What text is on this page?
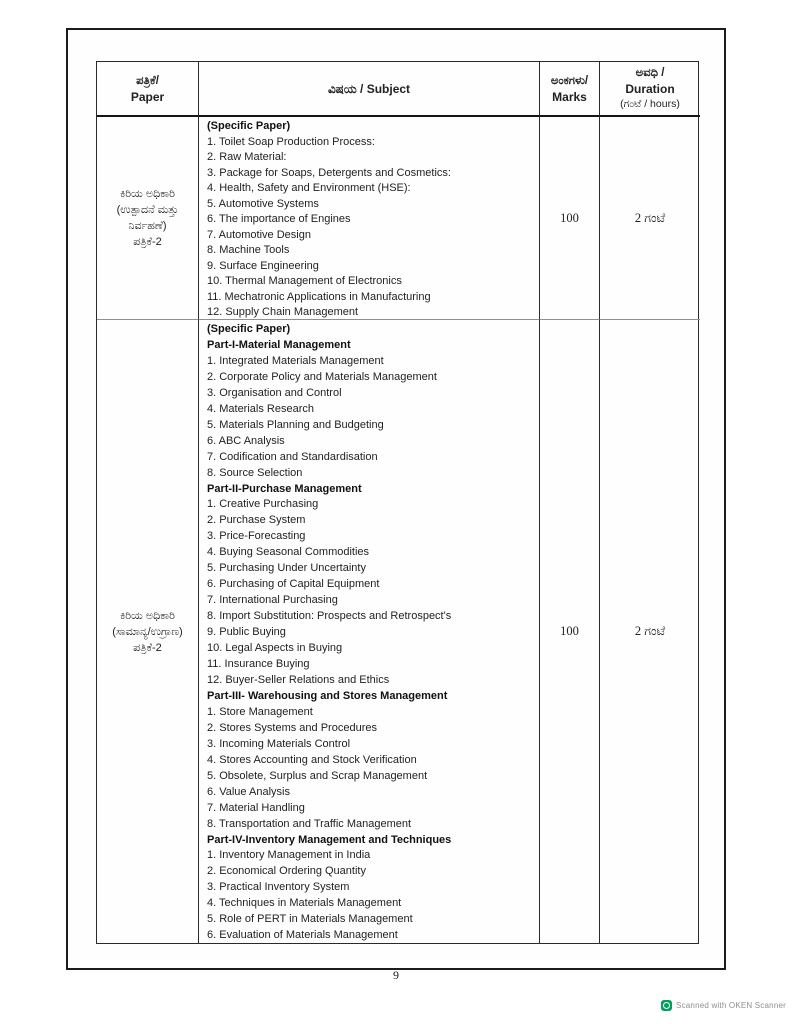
ಪತ್ರಿಕೆ/
Paper
ವಿಷಯ / Subject
ಅಂಕಗಳು/
Marks
ಅವಧಿ /
Duration
(ಗಂಟೆ / hours)
ಕಿರಿಯ ಅಧಿಕಾರಿ
(ಉತ್ಪಾದನೆ ಮತ್ತು
ನಿರ್ವಹಣೆ)
ಪತ್ರಿಕೆ-2
(Specific Paper)
1. Toilet Soap Production Process:
2. Raw Material:
3. Package for Soaps, Detergents and Cosmetics:
4. Health, Safety and Environment (HSE):
5. Automotive Systems
6. The importance of Engines
7. Automotive Design
8. Machine Tools
9. Surface Engineering
10. Thermal Management of Electronics
11. Mechatronic Applications in Manufacturing
12. Supply Chain Management
100	2 ಗಂಟೆ
ಕಿರಿಯ ಅಧಿಕಾರಿ
(ಸಾಮಾನ್ಯ/ಉಗ್ರಾಣ)
ಪತ್ರಿಕೆ-2
(Specific Paper)
Part-I-Material Management
1. Integrated Materials Management
2. Corporate Policy and Materials Management
3. Organisation and Control
4. Materials Research
5. Materials Planning and Budgeting
6. ABC Analysis
7. Codification and Standardisation
8. Source Selection
Part-II-Purchase Management
1. Creative Purchasing
2. Purchase System
3. Price-Forecasting
4. Buying Seasonal Commodities
5. Purchasing Under Uncertainty
6. Purchasing of Capital Equipment
7. International Purchasing
8. Import Substitution: Prospects and Retrospect's
9. Public Buying
10. Legal Aspects in Buying
11. Insurance Buying
12. Buyer-Seller Relations and Ethics
Part-III- Warehousing and Stores Management
1. Store Management
2. Stores Systems and Procedures
3. Incoming Materials Control
4. Stores Accounting and Stock Verification
5. Obsolete, Surplus and Scrap Management
6. Value Analysis
7. Material Handling
8. Transportation and Traffic Management
Part-IV-Inventory Management and Techniques
1. Inventory Management in India
2. Economical Ordering Quantity
3. Practical Inventory System
4. Techniques in Materials Management
5. Role of PERT in Materials Management
6. Evaluation of Materials Management
100	2 ಗಂಟೆ
9
Scanned with OKEN Scanner
